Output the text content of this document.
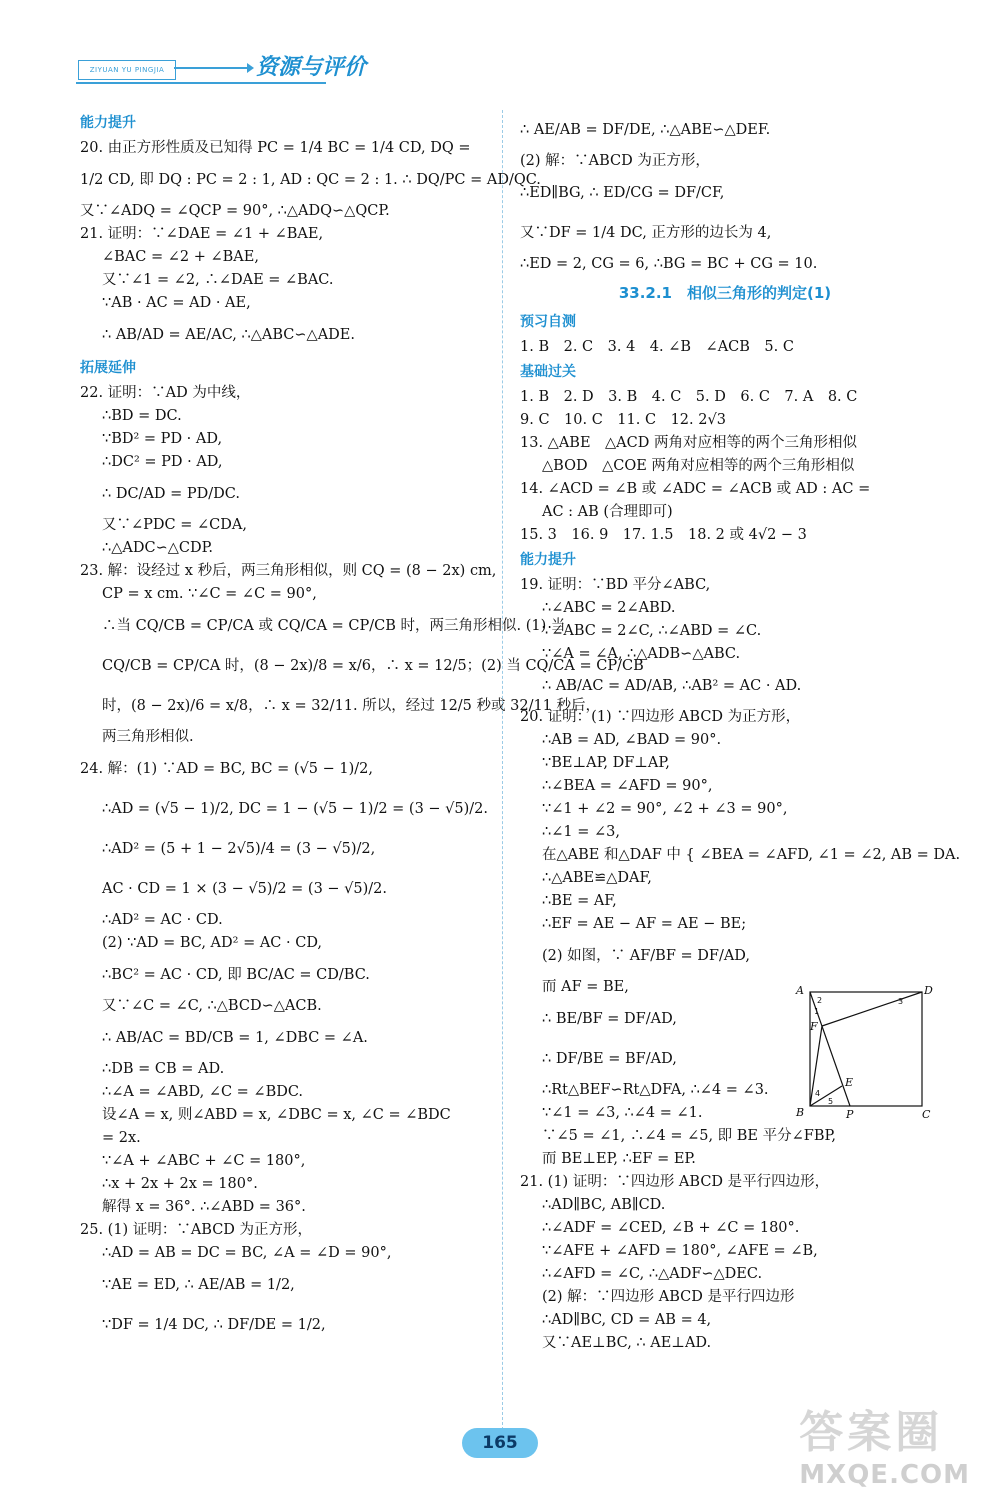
ZIYUAN YU PINGJIA	资源与评价
能力提升
20. 由正方形性质及已知得 PC = 1/4 BC = 1/4 CD, DQ =
1/2 CD, 即 DQ : PC = 2 : 1, AD : QC = 2 : 1. ∴ DQ/PC = AD/QC.
又∵∠ADQ = ∠QCP = 90°, ∴△ADQ∽△QCP.
21. 证明：∵∠DAE = ∠1 + ∠BAE,
∠BAC = ∠2 + ∠BAE,
又∵∠1 = ∠2, ∴∠DAE = ∠BAC.
∵AB · AC = AD · AE,
∴ AB/AD = AE/AC, ∴△ABC∽△ADE.
拓展延伸
22. 证明：∵AD 为中线，
∴BD = DC.
∵BD² = PD · AD,
∴DC² = PD · AD,
∴ DC/AD = PD/DC.
又∵∠PDC = ∠CDA,
∴△ADC∽△CDP.
23. 解：设经过 x 秒后，两三角形相似，则 CQ = (8 − 2x) cm,
CP = x cm. ∵∠C = ∠C = 90°,
∴当 CQ/CB = CP/CA 或 CQ/CA = CP/CB 时，两三角形相似. (1) 当
CQ/CB = CP/CA 时，(8 − 2x)/8 = x/6，∴ x = 12/5；(2) 当 CQ/CA = CP/CB
时，(8 − 2x)/6 = x/8，∴ x = 32/11. 所以，经过 12/5 秒或 32/11 秒后，
两三角形相似.
24. 解：(1) ∵AD = BC, BC = (√5 − 1)/2,
∴AD = (√5 − 1)/2, DC = 1 − (√5 − 1)/2 = (3 − √5)/2.
∴AD² = (5 + 1 − 2√5)/4 = (3 − √5)/2,
AC · CD = 1 × (3 − √5)/2 = (3 − √5)/2.
∴AD² = AC · CD.
(2) ∵AD = BC, AD² = AC · CD,
∴BC² = AC · CD, 即 BC/AC = CD/BC.
又∵∠C = ∠C, ∴△BCD∽△ACB.
∴ AB/AC = BD/CB = 1, ∠DBC = ∠A.
∴DB = CB = AD.
∴∠A = ∠ABD, ∠C = ∠BDC.
设∠A = x, 则∠ABD = x, ∠DBC = x, ∠C = ∠BDC
= 2x.
∵∠A + ∠ABC + ∠C = 180°,
∴x + 2x + 2x = 180°.
解得 x = 36°. ∴∠ABD = 36°.
25. (1) 证明：∵ABCD 为正方形，
∴AD = AB = DC = BC, ∠A = ∠D = 90°,
∵AE = ED, ∴ AE/AB = 1/2,
∵DF = 1/4 DC, ∴ DF/DE = 1/2,
∴ AE/AB = DF/DE, ∴△ABE∽△DEF.
(2) 解：∵ABCD 为正方形，
∴ED∥BG, ∴ ED/CG = DF/CF,
又∵DF = 1/4 DC, 正方形的边长为 4,
∴ED = 2, CG = 6, ∴BG = BC + CG = 10.
33.2.1　相似三角形的判定(1)
预习自测
1. B　2. C　3. 4　4. ∠B　∠ACB　5. C
基础过关
1. B　2. D　3. B　4. C　5. D　6. C　7. A　8. C
9. C　10. C　11. C　12. 2√3
13. △ABE　△ACD 两角对应相等的两个三角形相似
△BOD　△COE 两角对应相等的两个三角形相似
14. ∠ACD = ∠B 或 ∠ADC = ∠ACB 或 AD : AC =
AC : AB (合理即可)
15. 3　16. 9　17. 1.5　18. 2 或 4√2 − 3
能力提升
19. 证明：∵BD 平分∠ABC,
∴∠ABC = 2∠ABD.
∵∠ABC = 2∠C, ∴∠ABD = ∠C.
∵∠A = ∠A, ∴△ADB∽△ABC.
∴ AB/AC = AD/AB, ∴AB² = AC · AD.
20. 证明：(1) ∵四边形 ABCD 为正方形，
∴AB = AD, ∠BAD = 90°.
∵BE⊥AP, DF⊥AP,
∴∠BEA = ∠AFD = 90°,
∵∠1 + ∠2 = 90°, ∠2 + ∠3 = 90°,
∴∠1 = ∠3,
在△ABE 和△DAF 中 { ∠BEA = ∠AFD, ∠1 = ∠2, AB = DA.
∴△ABE≌△DAF,
∴BE = AF,
∴EF = AE − AF = AE − BE;
(2) 如图，∵ AF/BF = DF/AD,
而 AF = BE,
∴ BE/BF = DF/AD,
∴ DF/BE = BF/AD,
∴Rt△BEF∽Rt△DFA, ∴∠4 = ∠3.
∵∠1 = ∠3, ∴∠4 = ∠1.
∵∠5 = ∠1, ∴∠4 = ∠5, 即 BE 平分∠FBP,
而 BE⊥EP, ∴EF = EP.
21. (1) 证明：∵四边形 ABCD 是平行四边形，
∴AD∥BC, AB∥CD.
∴∠ADF = ∠CED, ∠B + ∠C = 180°.
∵∠AFE + ∠AFD = 180°, ∠AFE = ∠B,
∴∠AFD = ∠C, ∴△ADF∽△DEC.
(2) 解：∵四边形 ABCD 是平行四边形
∴AD∥BC, CD = AB = 4,
又∵AE⊥BC, ∴ AE⊥AD.
A
B	C
D
E
F
P
1
2	3
4
5
165	答案圈
MXQE.COM
